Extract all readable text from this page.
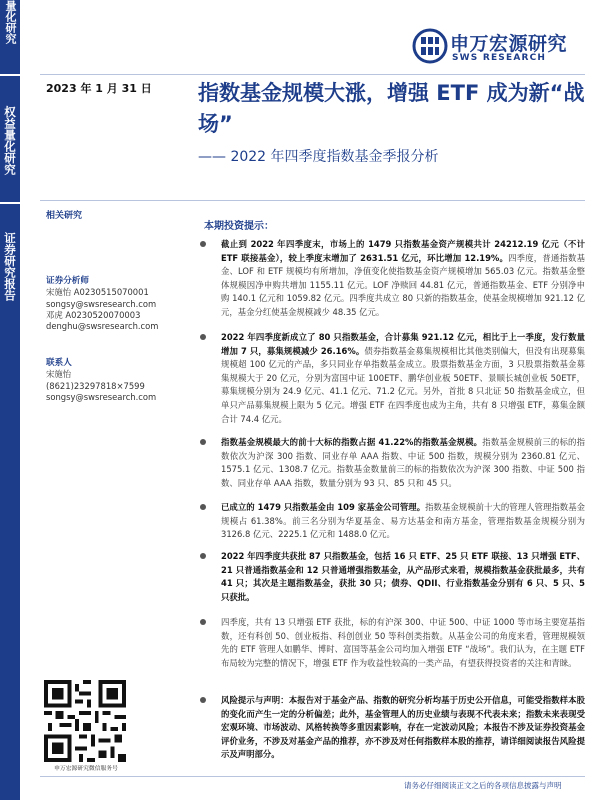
量化研究
权益量化研究
证券研究报告
申万宏源研究
SWS RESEARCH
2023 年 1 月 31 日 指数基金规模大涨，增强 ETF 成为新“战场”
—— 2022 年四季度指数基金季报分析
相关研究
本期投资提示：
证券分析师
宋施怡 A0230515070001
songsy@swsresearch.com
邓虎 A0230520070003
denghu@swsresearch.com
联系人
宋施怡
(8621)23297818×7599
songsy@swsresearch.com
截止到 2022 年四季度末，市场上的 1479 只指数基金资产规模共计 24212.19 亿元（不计 ETF 联接基金），较上季度末增加了 2631.51 亿元，环比增加 12.19%。四季度，普通指数基金、LOF 和 ETF 规模均有所增加，净值变化使指数基金资产规模增加 565.03 亿元。指数基金整体规模因净申购共增加 1155.11 亿元。LOF 净赎回 44.81 亿元，普通指数基金、ETF 分别净申购 140.1 亿元和 1059.82 亿元。四季度共成立 80 只新的指数基金，使基金规模增加 921.12 亿元，基金分红使基金规模减少 48.35 亿元。
2022 年四季度新成立了 80 只指数基金，合计募集 921.12 亿元，相比于上一季度，发行数量增加 7 只，募集规模减少 26.16%。债券指数基金募集规模相比其他类别偏大，但没有出现募集规模超 100 亿元的产品，多只同业存单指数基金成立。股票指数基金方面，3 只股票指数基金募集规模大于 20 亿元，分别为富国中证 100ETF、鹏华创业板 50ETF、景顺长城创业板 50ETF，募集规模分别为 24.9 亿元、41.1 亿元、71.2 亿元。另外，首批 8 只北证 50 指数基金成立，但单只产品募集规模上限为 5 亿元。增强 ETF 在四季度也成为主角，共有 8 只增强 ETF，募集金额合计 74.4 亿元。
指数基金规模最大的前十大标的指数占据 41.22%的指数基金规模。指数基金规模前三的标的指数依次为沪深 300 指数、同业存单 AAA 指数、中证 500 指数，规模分别为 2360.81 亿元、1575.1 亿元、1308.7 亿元。指数基金数量前三的标的指数依次为沪深 300 指数、中证 500 指数、同业存单 AAA 指数，数量分别为 93 只、85 只和 45 只。
已成立的 1479 只指数基金由 109 家基金公司管理。指数基金规模前十大的管理人管理指数基金规模占 61.38%。前三名分别为华夏基金、易方达基金和南方基金，管理指数基金规模分别为 3126.8 亿元、2225.1 亿元和 1488.0 亿元。
2022 年四季度共获批 87 只指数基金，包括 16 只 ETF、25 只 ETF 联接、13 只增强 ETF、21 只普通指数基金和 12 只普通增强指数基金，从产品形式来看，规模指数基金获批最多，共有 41 只；其次是主题指数基金，获批 30 只；债券、QDII、行业指数基金分别有 6 只、5 只、5 只获批。
四季度，共有 13 只增强 ETF 获批，标的有沪深 300、中证 500、中证 1000 等市场主要宽基指数，还有科创 50、创业板指、科创创业 50 等科创类指数。从基金公司的角度来看，管理规模领先的 ETF 管理人如鹏华、博时、富国等基金公司均加入增强 ETF “战场”。我们认为，在主题 ETF 布局较为完整的情况下，增强 ETF 作为收益性较高的一类产品，有望获得投资者的关注和青睐。
风险提示与声明：本报告对于基金产品、指数的研究分析均基于历史公开信息，可能受指数样本股的变化而产生一定的分析偏差；此外，基金管理人的历史业绩与表现不代表未来；指数未来表现受宏观环境、市场波动、风格转换等多重因素影响，存在一定波动风险；本报告不涉及证券投资基金评价业务，不涉及对基金产品的推荐，亦不涉及对任何指数样本股的推荐，请详细阅读报告风险提示及声明部分。
申万宏源研究微信服务号
请务必仔细阅读正文之后的各项信息披露与声明
